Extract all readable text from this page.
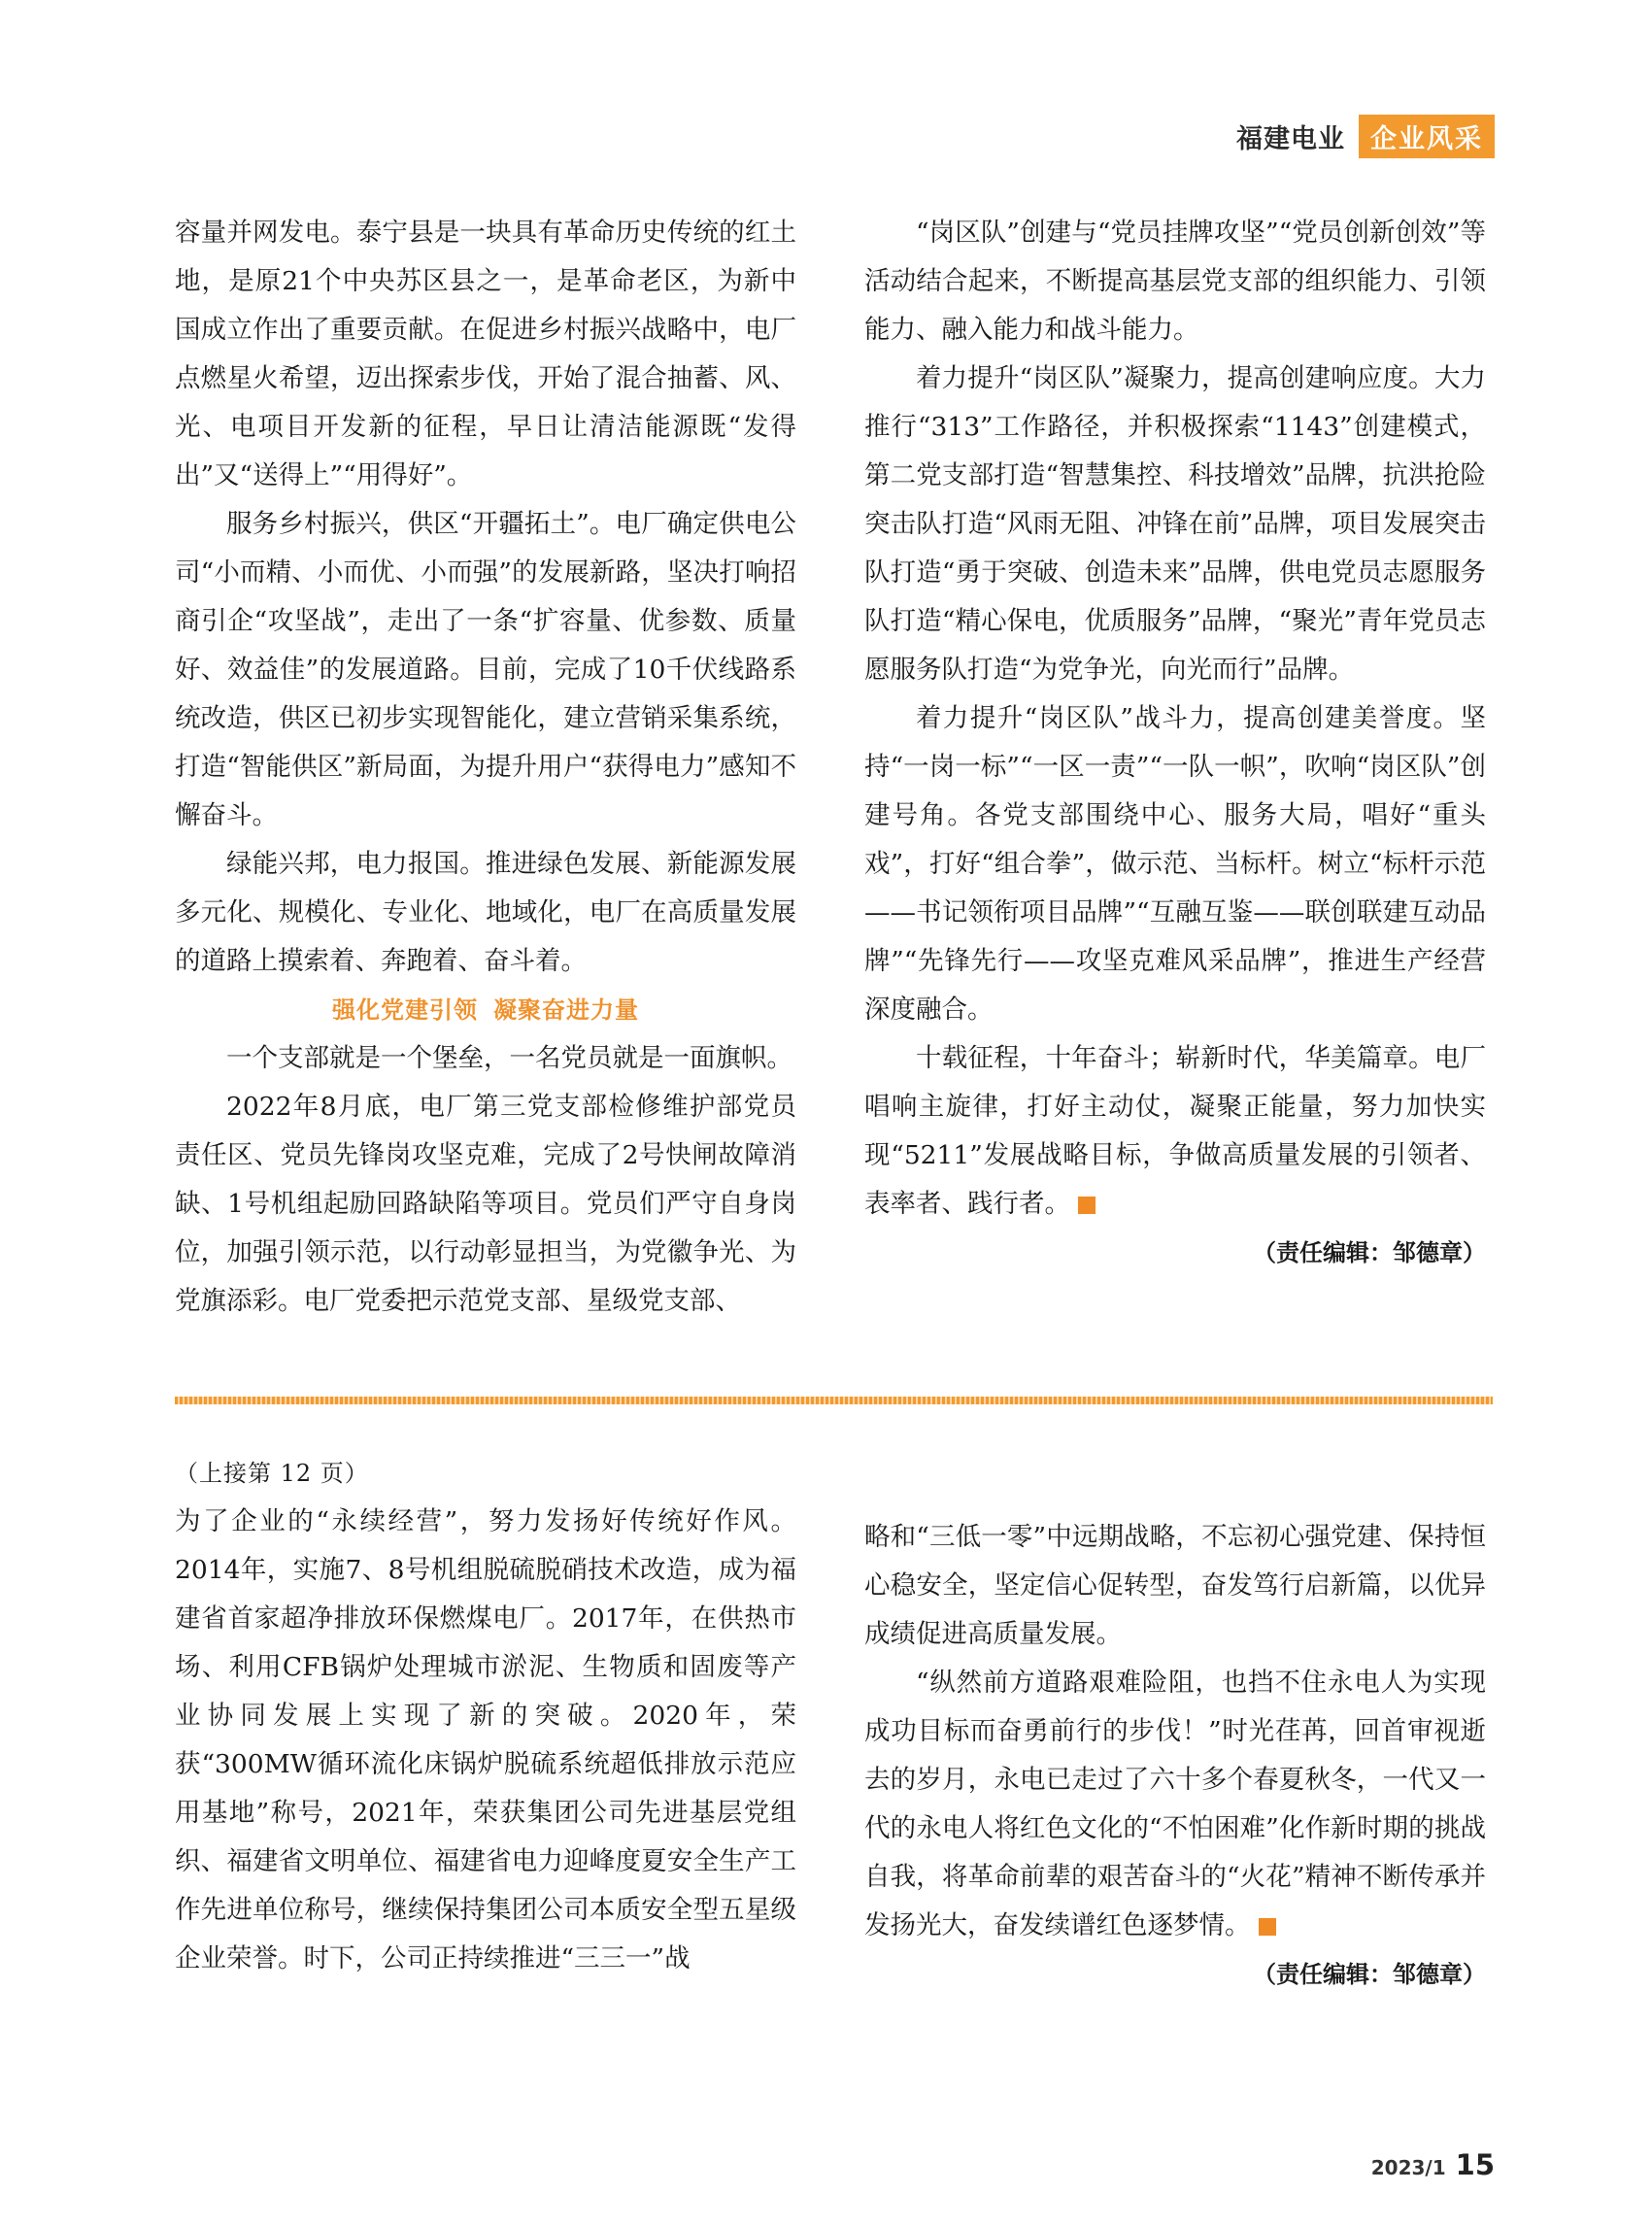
福建电业 企业风采

容量并网发电。泰宁县是一块具有革命历史传统的红土地，是原21个中央苏区县之一，是革命老区，为新中国成立作出了重要贡献。在促进乡村振兴战略中，电厂点燃星火希望，迈出探索步伐，开始了混合抽蓄、风、光、电项目开发新的征程，早日让清洁能源既“发得出”又“送得上”“用得好”。

服务乡村振兴，供区“开疆拓土”。电厂确定供电公司“小而精、小而优、小而强”的发展新路，坚决打响招商引企“攻坚战”，走出了一条“扩容量、优参数、质量好、效益佳”的发展道路。目前，完成了10千伏线路系统改造，供区已初步实现智能化，建立营销采集系统，打造“智能供区”新局面，为提升用户“获得电力”感知不懈奋斗。

绿能兴邦，电力报国。推进绿色发展、新能源发展多元化、规模化、专业化、地域化，电厂在高质量发展的道路上摸索着、奔跑着、奋斗着。

强化党建引领 凝聚奋进力量

一个支部就是一个堡垒，一名党员就是一面旗帜。

2022年8月底，电厂第三党支部检修维护部党员责任区、党员先锋岗攻坚克难，完成了2号快闸故障消缺、1号机组起励回路缺陷等项目。党员们严守自身岗位，加强引领示范，以行动彰显担当，为党徽争光、为党旗添彩。电厂党委把示范党支部、星级党支部、

“岗区队”创建与“党员挂牌攻坚”“党员创新创效”等活动结合起来，不断提高基层党支部的组织能力、引领能力、融入能力和战斗能力。

着力提升“岗区队”凝聚力，提高创建响应度。大力推行“313”工作路径，并积极探索“1143”创建模式，第二党支部打造“智慧集控、科技增效”品牌，抗洪抢险突击队打造“风雨无阻、冲锋在前”品牌，项目发展突击队打造“勇于突破、创造未来”品牌，供电党员志愿服务队打造“精心保电，优质服务”品牌，“聚光”青年党员志愿服务队打造“为党争光，向光而行”品牌。

着力提升“岗区队”战斗力，提高创建美誉度。坚持“一岗一标”“一区一责”“一队一帜”，吹响“岗区队”创建号角。各党支部围绕中心、服务大局，唱好“重头戏”，打好“组合拳”，做示范、当标杆。树立“标杆示范——书记领衔项目品牌”“互融互鉴——联创联建互动品牌”“先锋先行——攻坚克难风采品牌”，推进生产经营深度融合。

十载征程，十年奋斗；崭新时代，华美篇章。电厂唱响主旋律，打好主动仗，凝聚正能量，努力加快实现“5211”发展战略目标，争做高质量发展的引领者、表率者、践行者。

（责任编辑：邹德章）

（上接第 12 页）

为了企业的“永续经营”，努力发扬好传统好作风。2014年，实施7、8号机组脱硫脱硝技术改造，成为福建省首家超净排放环保燃煤电厂。2017年，在供热市场、利用CFB锅炉处理城市淤泥、生物质和固废等产业协同发展上实现了新的突破。2020年，荣获“300MW循环流化床锅炉脱硫系统超低排放示范应用基地”称号，2021年，荣获集团公司先进基层党组织、福建省文明单位、福建省电力迎峰度夏安全生产工作先进单位称号，继续保持集团公司本质安全型五星级企业荣誉。时下，公司正持续推进“三三一”战

略和“三低一零”中远期战略，不忘初心强党建、保持恒心稳安全，坚定信心促转型，奋发笃行启新篇，以优异成绩促进高质量发展。

“纵然前方道路艰难险阻，也挡不住永电人为实现成功目标而奋勇前行的步伐！”时光荏苒，回首审视逝去的岁月，永电已走过了六十多个春夏秋冬，一代又一代的永电人将红色文化的“不怕困难”化作新时期的挑战自我，将革命前辈的艰苦奋斗的“火花”精神不断传承并发扬光大，奋发续谱红色逐梦情。

（责任编辑：邹德章）

2023/1 15
